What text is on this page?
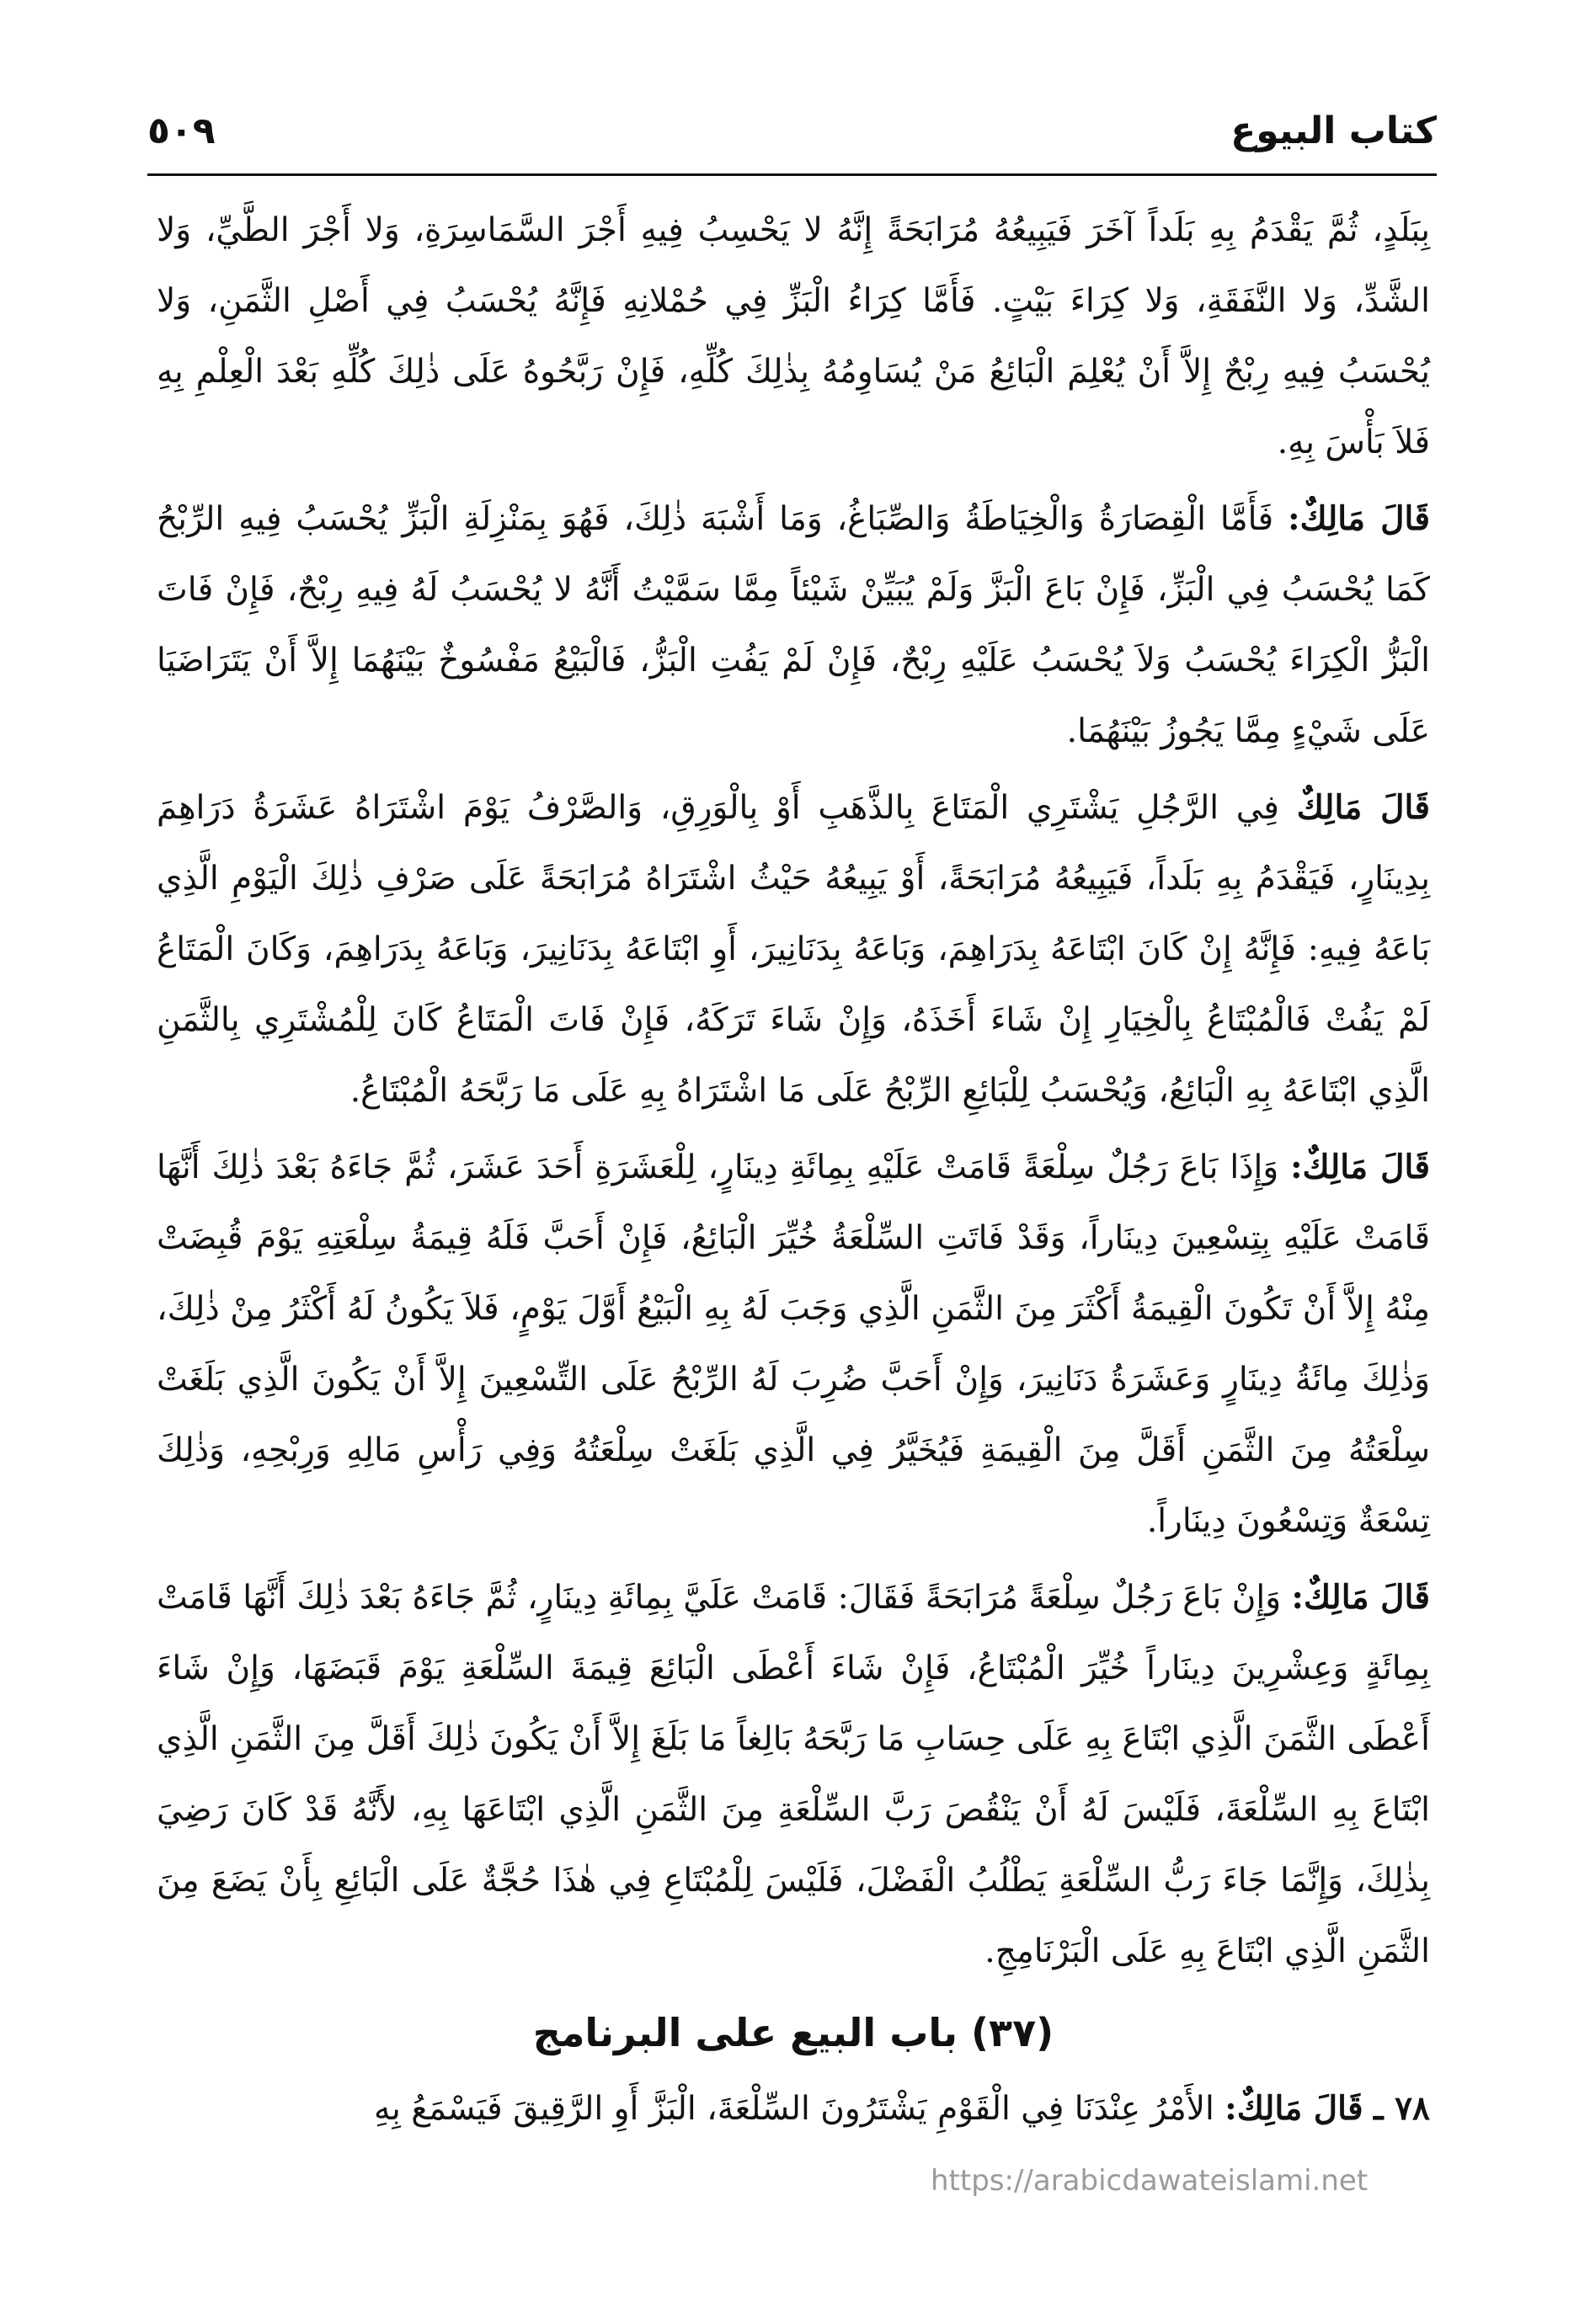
كتاب البيوع
٥٠٩

بِبَلَدٍ، ثُمَّ يَقْدَمُ بِهِ بَلَداً آخَرَ فَيَبِيعُهُ مُرَابَحَةً إِنَّهُ لا يَحْسِبُ فِيهِ أَجْرَ السَّمَاسِرَةِ، وَلا أَجْرَ الطَّيِّ، وَلا الشَّدِّ، وَلا النَّفَقَةِ، وَلا كِرَاءَ بَيْتٍ. فَأَمَّا كِرَاءُ الْبَزِّ فِي حُمْلانِهِ فَإِنَّهُ يُحْسَبُ فِي أَصْلِ الثَّمَنِ، وَلا يُحْسَبُ فِيهِ رِبْحٌ إِلاَّ أَنْ يُعْلِمَ الْبَائِعُ مَنْ يُسَاوِمُهُ بِذٰلِكَ كُلِّهِ، فَإِنْ رَبَّحُوهُ عَلَى ذٰلِكَ كُلِّهِ بَعْدَ الْعِلْمِ بِهِ فَلاَ بَأْسَ بِهِ.

قَالَ مَالِكٌ: فَأَمَّا الْقِصَارَةُ وَالْخِيَاطَةُ وَالصِّبَاغُ، وَمَا أَشْبَهَ ذٰلِكَ، فَهُوَ بِمَنْزِلَةِ الْبَزِّ يُحْسَبُ فِيهِ الرِّبْحُ كَمَا يُحْسَبُ فِي الْبَزِّ، فَإِنْ بَاعَ الْبَزَّ وَلَمْ يُبَيِّنْ شَيْئاً مِمَّا سَمَّيْتُ أَنَّهُ لا يُحْسَبُ لَهُ فِيهِ رِبْحٌ، فَإِنْ فَاتَ الْبَزُّ الْكِرَاءَ يُحْسَبُ وَلاَ يُحْسَبُ عَلَيْهِ رِبْحٌ، فَإِنْ لَمْ يَفُتِ الْبَزُّ، فَالْبَيْعُ مَفْسُوخٌ بَيْنَهُمَا إِلاَّ أَنْ يَتَرَاضَيَا عَلَى شَيْءٍ مِمَّا يَجُوزُ بَيْنَهُمَا.

قَالَ مَالِكٌ فِي الرَّجُلِ يَشْتَرِي الْمَتَاعَ بِالذَّهَبِ أَوْ بِالْوَرِقِ، وَالصَّرْفُ يَوْمَ اشْتَرَاهُ عَشَرَةُ دَرَاهِمَ بِدِينَارٍ، فَيَقْدَمُ بِهِ بَلَداً، فَيَبِيعُهُ مُرَابَحَةً، أَوْ يَبِيعُهُ حَيْثُ اشْتَرَاهُ مُرَابَحَةً عَلَى صَرْفِ ذٰلِكَ الْيَوْمِ الَّذِي بَاعَهُ فِيهِ: فَإِنَّهُ إِنْ كَانَ ابْتَاعَهُ بِدَرَاهِمَ، وَبَاعَهُ بِدَنَانِيرَ، أَوِ ابْتَاعَهُ بِدَنَانِيرَ، وَبَاعَهُ بِدَرَاهِمَ، وَكَانَ الْمَتَاعُ لَمْ يَفُتْ فَالْمُبْتَاعُ بِالْخِيَارِ إِنْ شَاءَ أَخَذَهُ، وَإِنْ شَاءَ تَرَكَهُ، فَإِنْ فَاتَ الْمَتَاعُ كَانَ لِلْمُشْتَرِي بِالثَّمَنِ الَّذِي ابْتَاعَهُ بِهِ الْبَائِعُ، وَيُحْسَبُ لِلْبَائِعِ الرِّبْحُ عَلَى مَا اشْتَرَاهُ بِهِ عَلَى مَا رَبَّحَهُ الْمُبْتَاعُ.

قَالَ مَالِكٌ: وَإِذَا بَاعَ رَجُلٌ سِلْعَةً قَامَتْ عَلَيْهِ بِمِائَةِ دِينَارٍ، لِلْعَشَرَةِ أَحَدَ عَشَرَ، ثُمَّ جَاءَهُ بَعْدَ ذٰلِكَ أَنَّهَا قَامَتْ عَلَيْهِ بِتِسْعِينَ دِينَاراً، وَقَدْ فَاتَتِ السِّلْعَةُ خُيِّرَ الْبَائِعُ، فَإِنْ أَحَبَّ فَلَهُ قِيمَةُ سِلْعَتِهِ يَوْمَ قُبِضَتْ مِنْهُ إِلاَّ أَنْ تَكُونَ الْقِيمَةُ أَكْثَرَ مِنَ الثَّمَنِ الَّذِي وَجَبَ لَهُ بِهِ الْبَيْعُ أَوَّلَ يَوْمٍ، فَلاَ يَكُونُ لَهُ أَكْثَرُ مِنْ ذٰلِكَ، وَذٰلِكَ مِائَةُ دِينَارٍ وَعَشَرَةُ دَنَانِيرَ، وَإِنْ أَحَبَّ ضُرِبَ لَهُ الرِّبْحُ عَلَى التِّسْعِينَ إِلاَّ أَنْ يَكُونَ الَّذِي بَلَغَتْ سِلْعَتُهُ مِنَ الثَّمَنِ أَقَلَّ مِنَ الْقِيمَةِ فَيُخَيَّرُ فِي الَّذِي بَلَغَتْ سِلْعَتُهُ وَفِي رَأْسِ مَالِهِ وَرِبْحِهِ، وَذٰلِكَ تِسْعَةٌ وَتِسْعُونَ دِينَاراً.

قَالَ مَالِكٌ: وَإِنْ بَاعَ رَجُلٌ سِلْعَةً مُرَابَحَةً فَقَالَ: قَامَتْ عَلَيَّ بِمِائَةِ دِينَارٍ، ثُمَّ جَاءَهُ بَعْدَ ذٰلِكَ أَنَّهَا قَامَتْ بِمِائَةٍ وَعِشْرِينَ دِينَاراً خُيِّرَ الْمُبْتَاعُ، فَإِنْ شَاءَ أَعْطَى الْبَائِعَ قِيمَةَ السِّلْعَةِ يَوْمَ قَبَضَهَا، وَإِنْ شَاءَ أَعْطَى الثَّمَنَ الَّذِي ابْتَاعَ بِهِ عَلَى حِسَابِ مَا رَبَّحَهُ بَالِغاً مَا بَلَغَ إِلاَّ أَنْ يَكُونَ ذٰلِكَ أَقَلَّ مِنَ الثَّمَنِ الَّذِي ابْتَاعَ بِهِ السِّلْعَةَ، فَلَيْسَ لَهُ أَنْ يَنْقُصَ رَبَّ السِّلْعَةِ مِنَ الثَّمَنِ الَّذِي ابْتَاعَهَا بِهِ، لأَنَّهُ قَدْ كَانَ رَضِيَ بِذٰلِكَ، وَإِنَّمَا جَاءَ رَبُّ السِّلْعَةِ يَطْلُبُ الْفَضْلَ، فَلَيْسَ لِلْمُبْتَاعِ فِي هٰذَا حُجَّةٌ عَلَى الْبَائِعِ بِأَنْ يَضَعَ مِنَ الثَّمَنِ الَّذِي ابْتَاعَ بِهِ عَلَى الْبَرْنَامِجِ.

(٣٧) باب البيع على البرنامج

٧٨ ـ قَالَ مَالِكٌ: الأَمْرُ عِنْدَنَا فِي الْقَوْمِ يَشْتَرُونَ السِّلْعَةَ، الْبَزَّ أَوِ الرَّقِيقَ فَيَسْمَعُ بِهِ

https://arabicdawateislami.net
